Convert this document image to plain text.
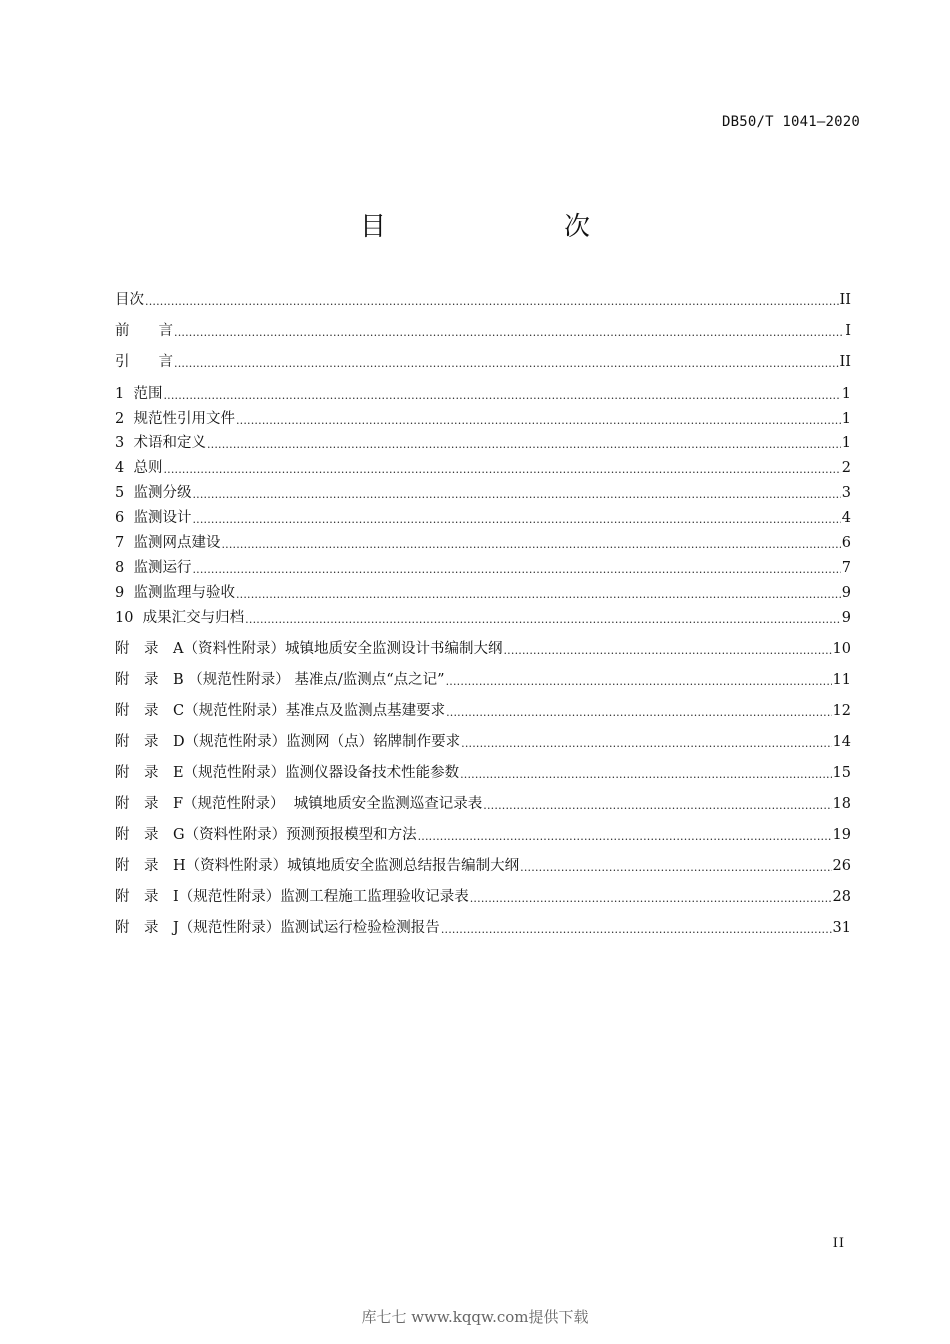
DB50/T 1041—2020
目　　次
目次 .....	II
前　　言 .....	I
引　　言 .....	II
1  范围 .....	1
2  规范性引用文件 .....	1
3  术语和定义 .....	1
4  总则 .....	2
5  监测分级 .....	3
6  监测设计 .....	4
7  监测网点建设 .....	6
8  监测运行 .....	7
9  监测监理与验收 .....	9
10  成果汇交与归档 .....	9
附　录　A（资料性附录）城镇地质安全监测设计书编制大纲 .....	10
附　录　B （规范性附录） 基准点/监测点“点之记” .....	11
附　录　C（规范性附录）基准点及监测点基建要求 .....	12
附　录　D（规范性附录）监测网（点）铭牌制作要求 .....	14
附　录　E（规范性附录）监测仪器设备技术性能参数 .....	15
附　录　F（规范性附录）  城镇地质安全监测巡查记录表 .....	18
附　录　G（资料性附录）预测预报模型和方法 .....	19
附　录　H（资料性附录）城镇地质安全监测总结报告编制大纲 .....	26
附　录　I（规范性附录）监测工程施工监理验收记录表 .....	28
附　录　J（规范性附录）监测试运行检验检测报告 .....	31
II
库七七 www.kqqw.com提供下载
